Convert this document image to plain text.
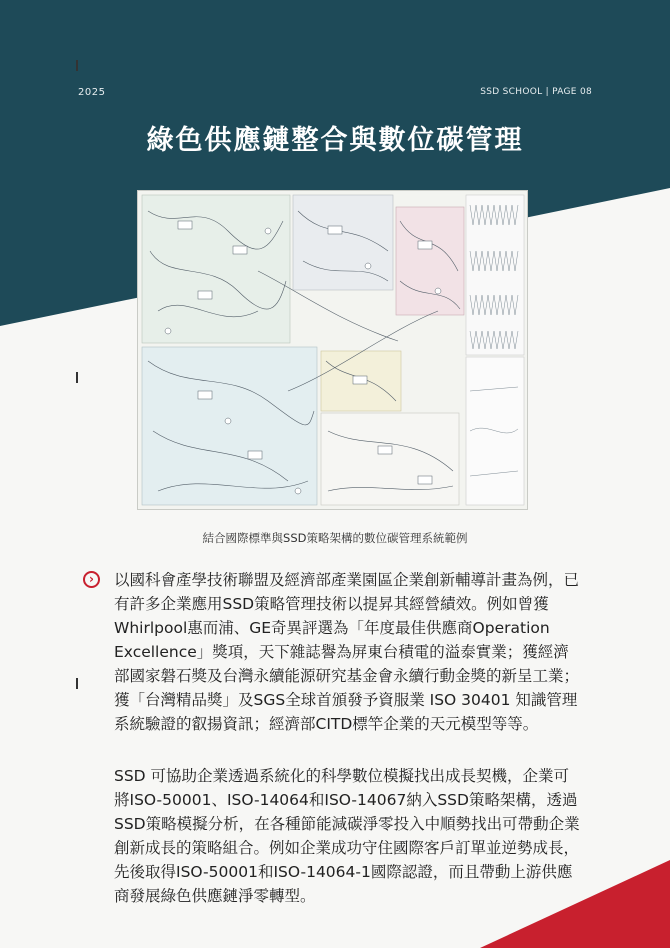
2025	SSD SCHOOL | PAGE 08
綠色供應鏈整合與數位碳管理
結合國際標準與SSD策略架構的數位碳管理系統範例
›	以國科會產學技術聯盟及經濟部產業園區企業創新輔導計畫為例，已有許多企業應用SSD策略管理技術以提昇其經營績效。例如曾獲Whirlpool惠而浦、GE奇異評選為「年度最佳供應商Operation Excellence」獎項，天下雜誌譽為屏東台積電的溢泰實業；獲經濟部國家磐石獎及台灣永續能源研究基金會永續行動金獎的新呈工業；獲「台灣精品獎」及SGS全球首頒發予資服業 ISO 30401 知識管理系統驗證的叡揚資訊；經濟部CITD標竿企業的天元模型等等。
SSD 可協助企業透過系統化的科學數位模擬找出成長契機，企業可將ISO-50001、ISO-14064和ISO-14067納入SSD策略架構，透過SSD策略模擬分析，在各種節能減碳淨零投入中順勢找出可帶動企業創新成長的策略組合。例如企業成功守住國際客戶訂單並逆勢成長，先後取得ISO-50001和ISO-14064-1國際認證，而且帶動上游供應商發展綠色供應鏈淨零轉型。
